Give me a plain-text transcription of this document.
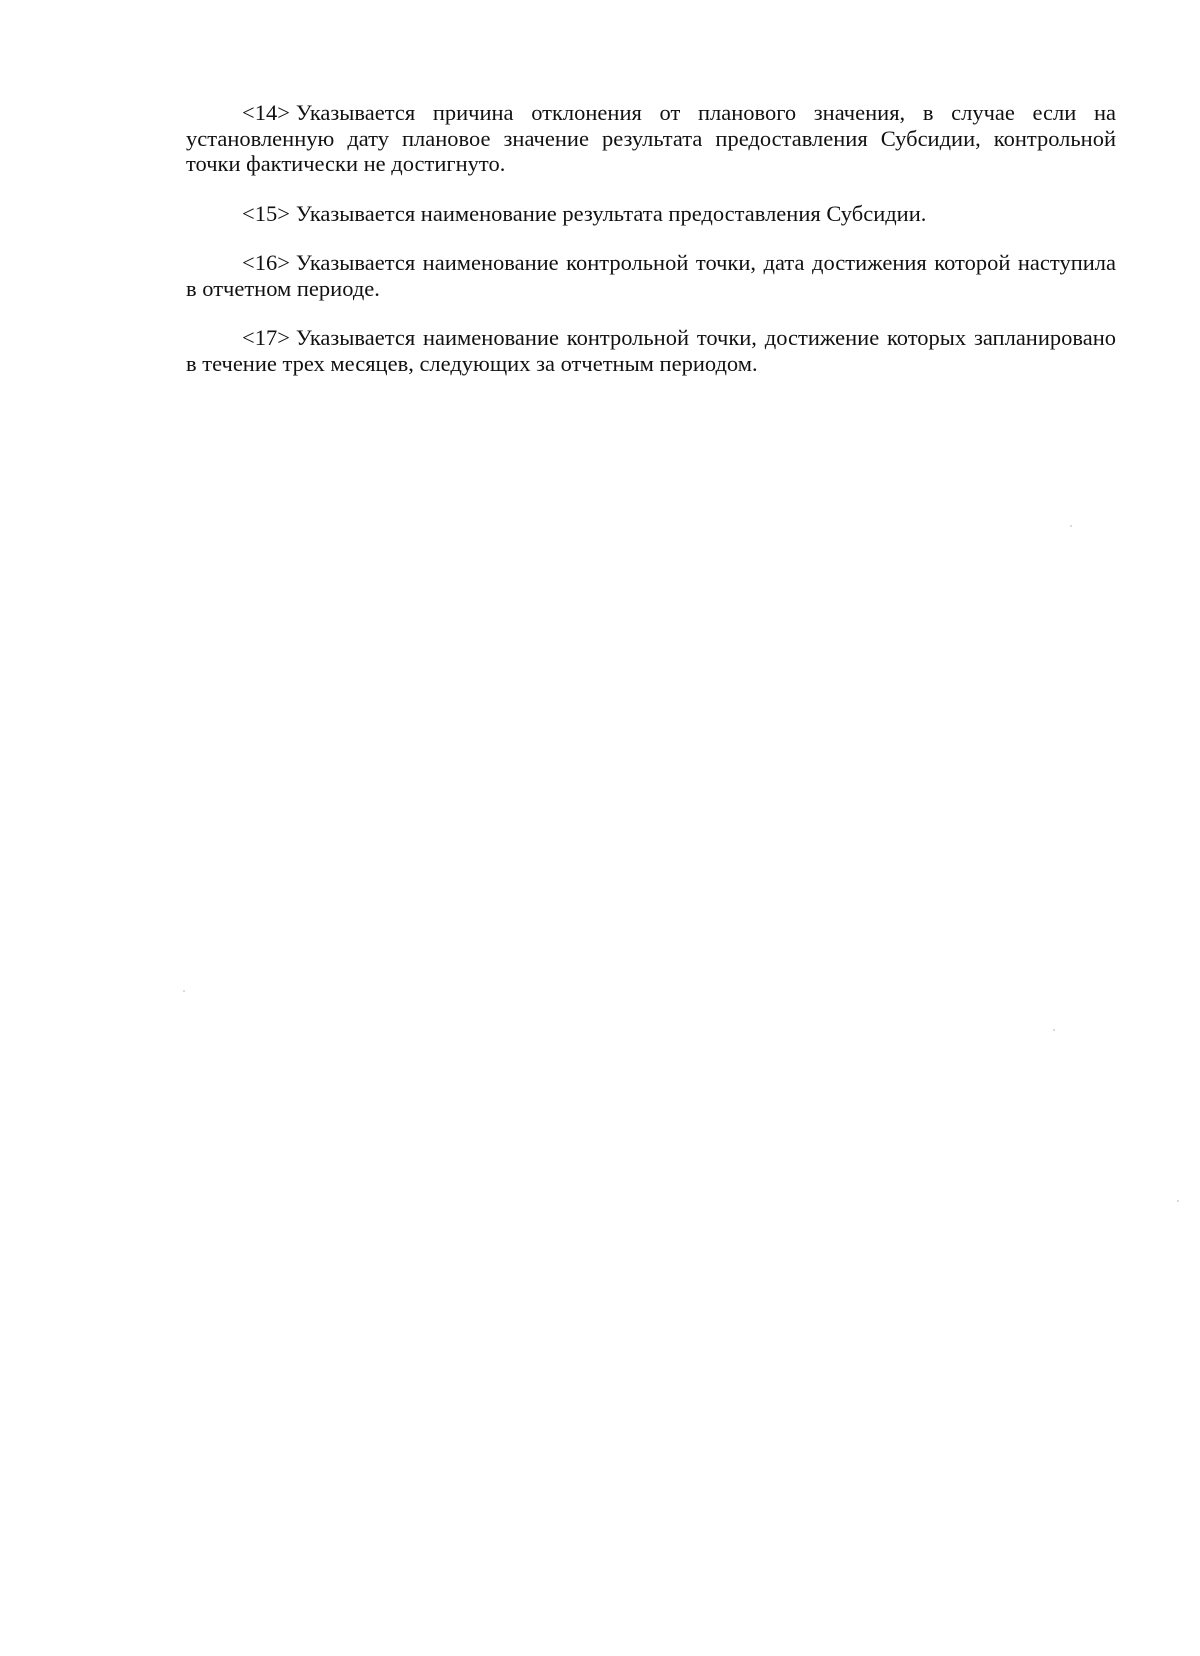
<14> Указывается причина отклонения от планового значения, в случае если на установленную дату плановое значение результата предоставления Субсидии, контрольной точки фактически не достигнуто.

<15> Указывается наименование результата предоставления Субсидии.

<16> Указывается наименование контрольной точки, дата достижения которой наступила в отчетном периоде.

<17> Указывается наименование контрольной точки, достижение которых запланировано в течение трех месяцев, следующих за отчетным периодом.
